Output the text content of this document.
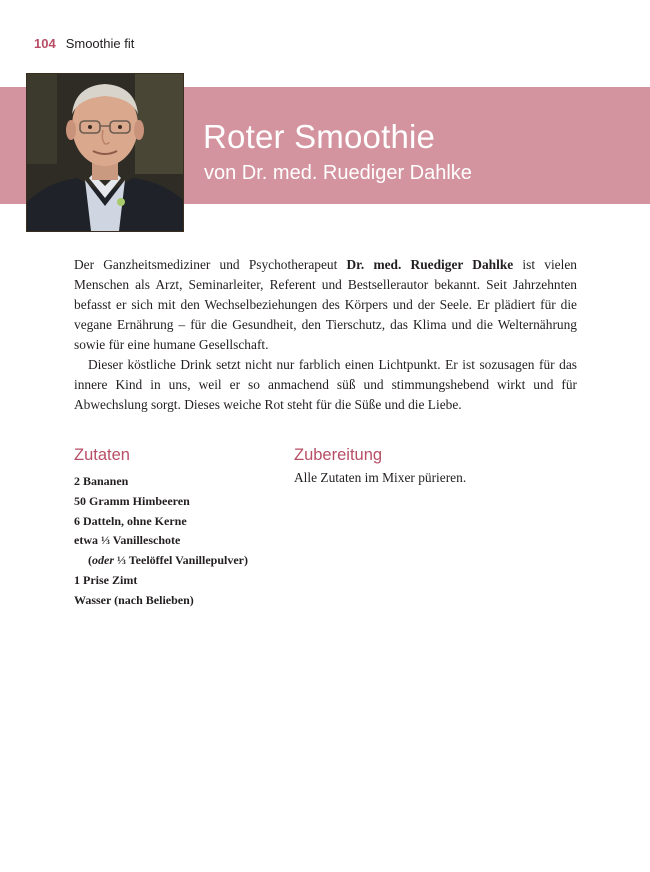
104 Smoothie fit
Roter Smoothie
von Dr. med. Ruediger Dahlke

Der Ganzheitsmediziner und Psychotherapeut Dr. med. Ruediger Dahlke ist vielen Menschen als Arzt, Seminarleiter, Referent und Bestsellerautor bekannt. Seit Jahrzehnten befasst er sich mit den Wechselbeziehungen des Körpers und der Seele. Er plädiert für die vegane Ernährung – für die Gesundheit, den Tierschutz, das Klima und die Welternährung sowie für eine humane Gesellschaft.

Dieser köstliche Drink setzt nicht nur farblich einen Lichtpunkt. Er ist sozusagen für das innere Kind in uns, weil er so anmachend süß und stimmungshebend wirkt und für Abwechslung sorgt. Dieses weiche Rot steht für die Süße und die Liebe.

Zutaten
2 Bananen
50 Gramm Himbeeren
6 Datteln, ohne Kerne
etwa ⅓ Vanilleschote
(oder ⅓ Teelöffel Vanillepulver)
1 Prise Zimt
Wasser (nach Belieben)
Zubereitung
Alle Zutaten im Mixer pürieren.
